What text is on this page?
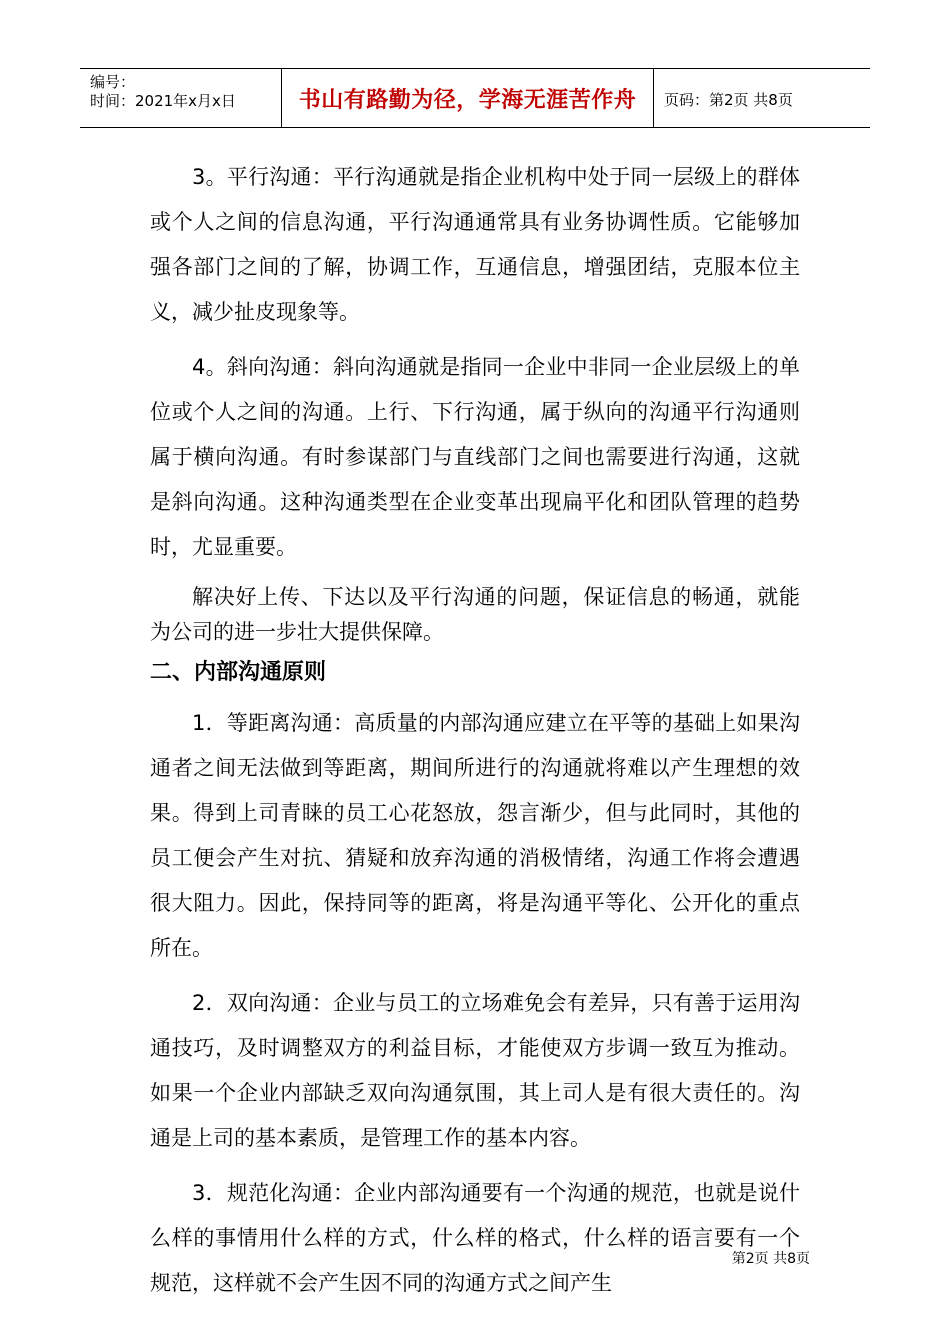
编号：
时间：2021年x月x日	书山有路勤为径，学海无涯苦作舟	页码：第2页 共8页

3。平行沟通：平行沟通就是指企业机构中处于同一层级上的群体或个人之间的信息沟通，平行沟通通常具有业务协调性质。它能够加强各部门之间的了解，协调工作，互通信息，增强团结，克服本位主义，减少扯皮现象等。

4。斜向沟通：斜向沟通就是指同一企业中非同一企业层级上的单位或个人之间的沟通。上行、下行沟通，属于纵向的沟通平行沟通则属于横向沟通。有时参谋部门与直线部门之间也需要进行沟通，这就是斜向沟通。这种沟通类型在企业变革出现扁平化和团队管理的趋势时，尤显重要。

解决好上传、下达以及平行沟通的问题，保证信息的畅通，就能为公司的进一步壮大提供保障。

二、内部沟通原则

1．等距离沟通：高质量的内部沟通应建立在平等的基础上如果沟通者之间无法做到等距离，期间所进行的沟通就将难以产生理想的效果。得到上司青睐的员工心花怒放，怨言渐少，但与此同时，其他的员工便会产生对抗、猜疑和放弃沟通的消极情绪，沟通工作将会遭遇很大阻力。因此，保持同等的距离，将是沟通平等化、公开化的重点所在。

2．双向沟通：企业与员工的立场难免会有差异，只有善于运用沟通技巧，及时调整双方的利益目标，才能使双方步调一致互为推动。如果一个企业内部缺乏双向沟通氛围，其上司人是有很大责任的。沟通是上司的基本素质，是管理工作的基本内容。

3．规范化沟通：企业内部沟通要有一个沟通的规范，也就是说什么样的事情用什么样的方式，什么样的格式，什么样的语言要有一个规范，这样就不会产生因不同的沟通方式之间产生

第2页 共8页
